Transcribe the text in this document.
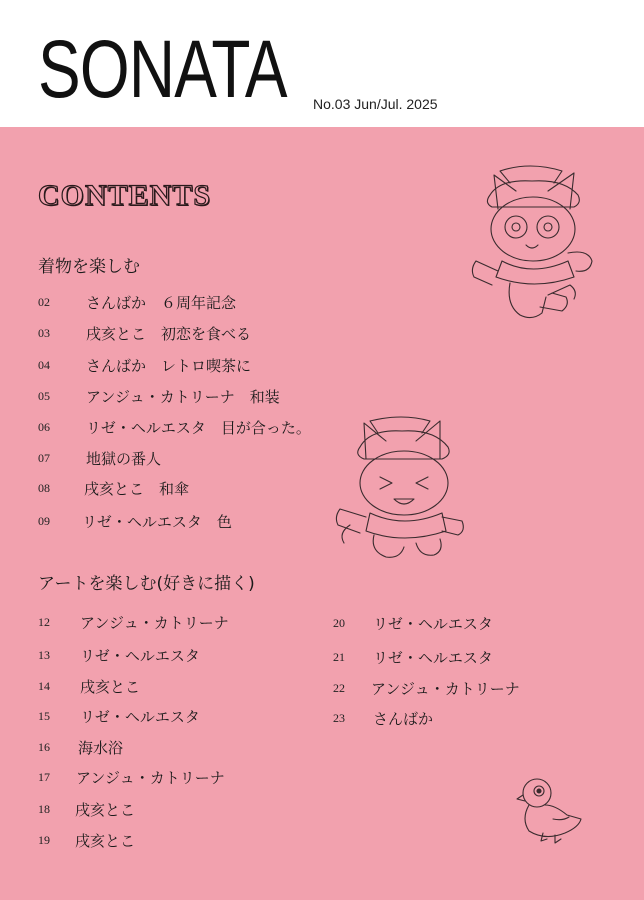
SONATA No.03 Jun/Jul. 2025
CONTENTS
着物を楽しむ
02 さんばか　６周年記念
03 戌亥とこ　初恋を食べる
04 さんばか　レトロ喫茶に
05 アンジュ・カトリーナ　和装
06 リゼ・ヘルエスタ　目が合った。
07 地獄の番人
08 戌亥とこ　和傘
09 リゼ・ヘルエスタ　色
アートを楽しむ(好きに描く)
12 アンジュ・カトリーナ
13 リゼ・ヘルエスタ
14 戌亥とこ
15 リゼ・ヘルエスタ
16 海水浴
17 アンジュ・カトリーナ
18 戌亥とこ
19 戌亥とこ
20 リゼ・ヘルエスタ
21 リゼ・ヘルエスタ
22 アンジュ・カトリーナ
23 さんばか
